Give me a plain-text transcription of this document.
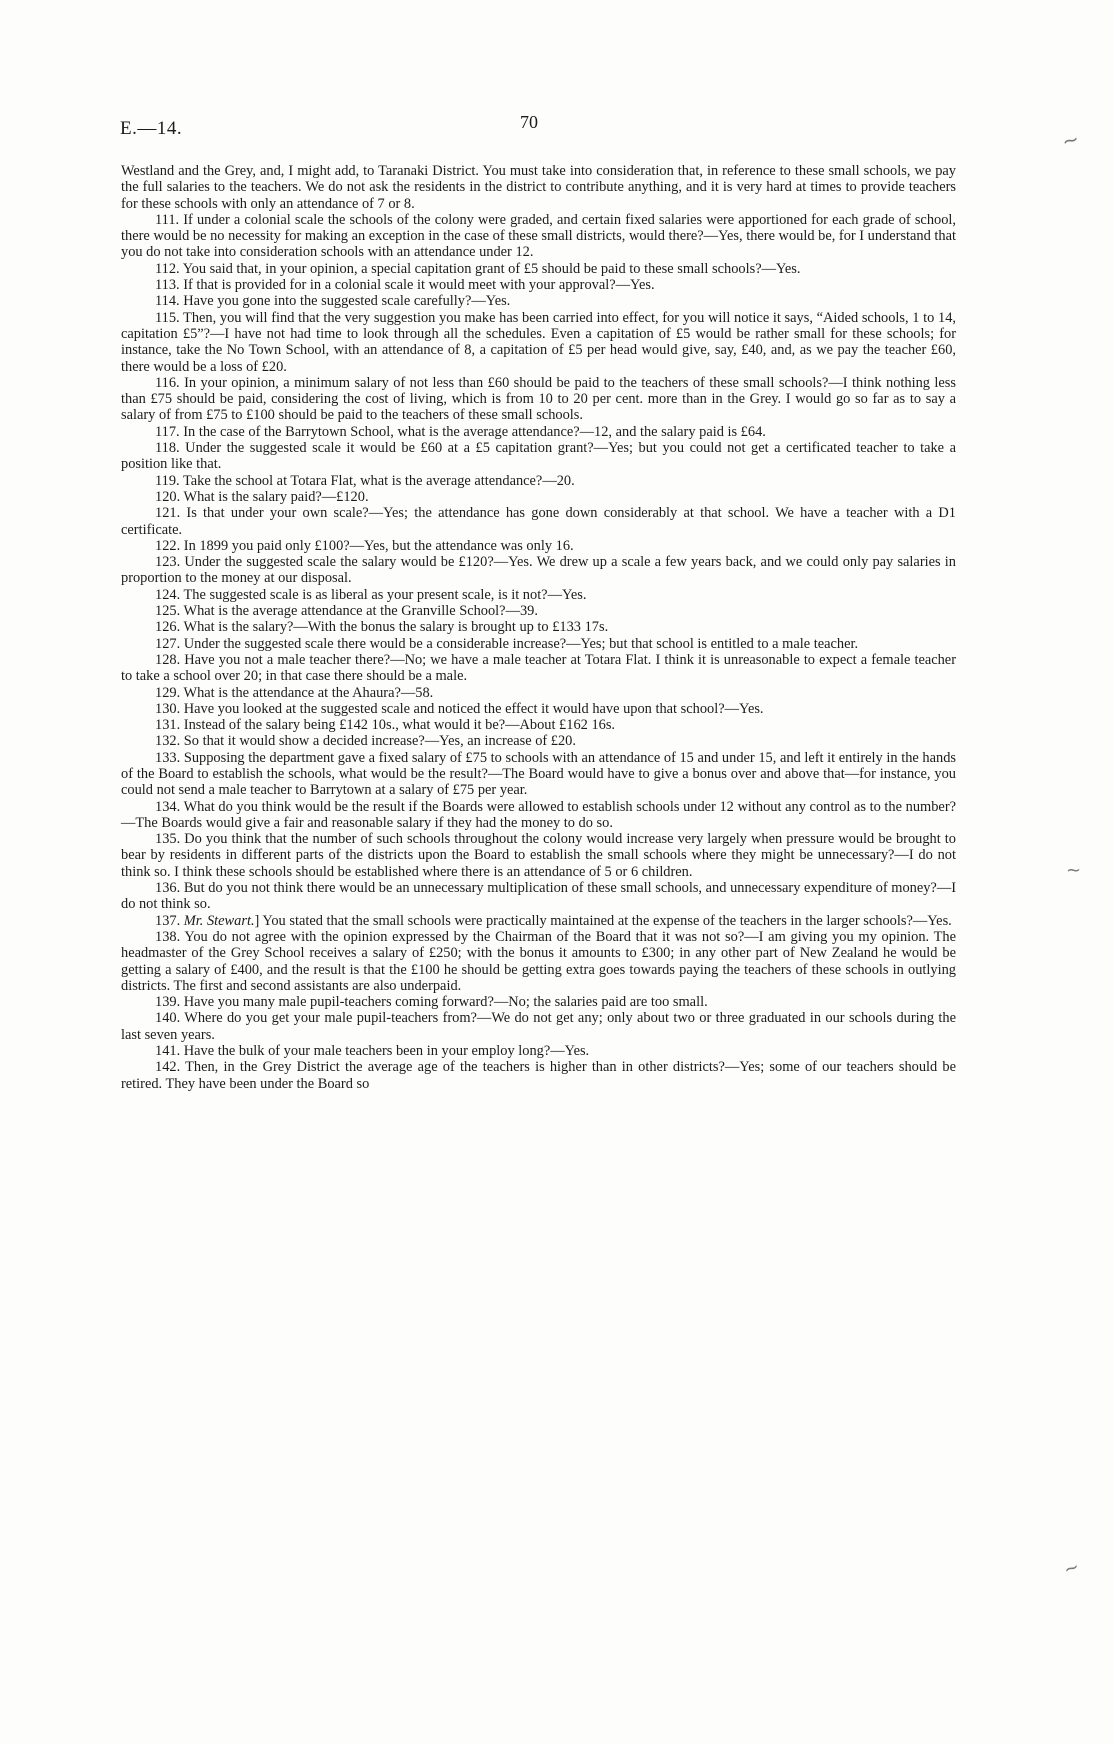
E.—14.	70

Westland and the Grey, and, I might add, to Taranaki District. You must take into consideration that, in reference to these small schools, we pay the full salaries to the teachers. We do not ask the residents in the district to contribute anything, and it is very hard at times to provide teachers for these schools with only an attendance of 7 or 8.

111. If under a colonial scale the schools of the colony were graded, and certain fixed salaries were apportioned for each grade of school, there would be no necessity for making an exception in the case of these small districts, would there?—Yes, there would be, for I understand that you do not take into consideration schools with an attendance under 12.

112. You said that, in your opinion, a special capitation grant of £5 should be paid to these small schools?—Yes.

113. If that is provided for in a colonial scale it would meet with your approval?—Yes.

114. Have you gone into the suggested scale carefully?—Yes.

115. Then, you will find that the very suggestion you make has been carried into effect, for you will notice it says, “Aided schools, 1 to 14, capitation £5”?—I have not had time to look through all the schedules. Even a capitation of £5 would be rather small for these schools; for instance, take the No Town School, with an attendance of 8, a capitation of £5 per head would give, say, £40, and, as we pay the teacher £60, there would be a loss of £20.

116. In your opinion, a minimum salary of not less than £60 should be paid to the teachers of these small schools?—I think nothing less than £75 should be paid, considering the cost of living, which is from 10 to 20 per cent. more than in the Grey. I would go so far as to say a salary of from £75 to £100 should be paid to the teachers of these small schools.

117. In the case of the Barrytown School, what is the average attendance?—12, and the salary paid is £64.

118. Under the suggested scale it would be £60 at a £5 capitation grant?—Yes; but you could not get a certificated teacher to take a position like that.

119. Take the school at Totara Flat, what is the average attendance?—20.

120. What is the salary paid?—£120.

121. Is that under your own scale?—Yes; the attendance has gone down considerably at that school. We have a teacher with a D1 certificate.

122. In 1899 you paid only £100?—Yes, but the attendance was only 16.

123. Under the suggested scale the salary would be £120?—Yes. We drew up a scale a few years back, and we could only pay salaries in proportion to the money at our disposal.

124. The suggested scale is as liberal as your present scale, is it not?—Yes.

125. What is the average attendance at the Granville School?—39.

126. What is the salary?—With the bonus the salary is brought up to £133 17s.

127. Under the suggested scale there would be a considerable increase?—Yes; but that school is entitled to a male teacher.

128. Have you not a male teacher there?—No; we have a male teacher at Totara Flat. I think it is unreasonable to expect a female teacher to take a school over 20; in that case there should be a male.

129. What is the attendance at the Ahaura?—58.

130. Have you looked at the suggested scale and noticed the effect it would have upon that school?—Yes.

131. Instead of the salary being £142 10s., what would it be?—About £162 16s.

132. So that it would show a decided increase?—Yes, an increase of £20.

133. Supposing the department gave a fixed salary of £75 to schools with an attendance of 15 and under 15, and left it entirely in the hands of the Board to establish the schools, what would be the result?—The Board would have to give a bonus over and above that—for instance, you could not send a male teacher to Barrytown at a salary of £75 per year.

134. What do you think would be the result if the Boards were allowed to establish schools under 12 without any control as to the number?—The Boards would give a fair and reasonable salary if they had the money to do so.

135. Do you think that the number of such schools throughout the colony would increase very largely when pressure would be brought to bear by residents in different parts of the districts upon the Board to establish the small schools where they might be unnecessary?—I do not think so. I think these schools should be established where there is an attendance of 5 or 6 children.

136. But do you not think there would be an unnecessary multiplication of these small schools, and unnecessary expenditure of money?—I do not think so.

137. Mr. Stewart.] You stated that the small schools were practically maintained at the expense of the teachers in the larger schools?—Yes.

138. You do not agree with the opinion expressed by the Chairman of the Board that it was not so?—I am giving you my opinion. The headmaster of the Grey School receives a salary of £250; with the bonus it amounts to £300; in any other part of New Zealand he would be getting a salary of £400, and the result is that the £100 he should be getting extra goes towards paying the teachers of these schools in outlying districts. The first and second assistants are also underpaid.

139. Have you many male pupil-teachers coming forward?—No; the salaries paid are too small.

140. Where do you get your male pupil-teachers from?—We do not get any; only about two or three graduated in our schools during the last seven years.

141. Have the bulk of your male teachers been in your employ long?—Yes.

142. Then, in the Grey District the average age of the teachers is higher than in other districts?—Yes; some of our teachers should be retired. They have been under the Board so

~
~
~
